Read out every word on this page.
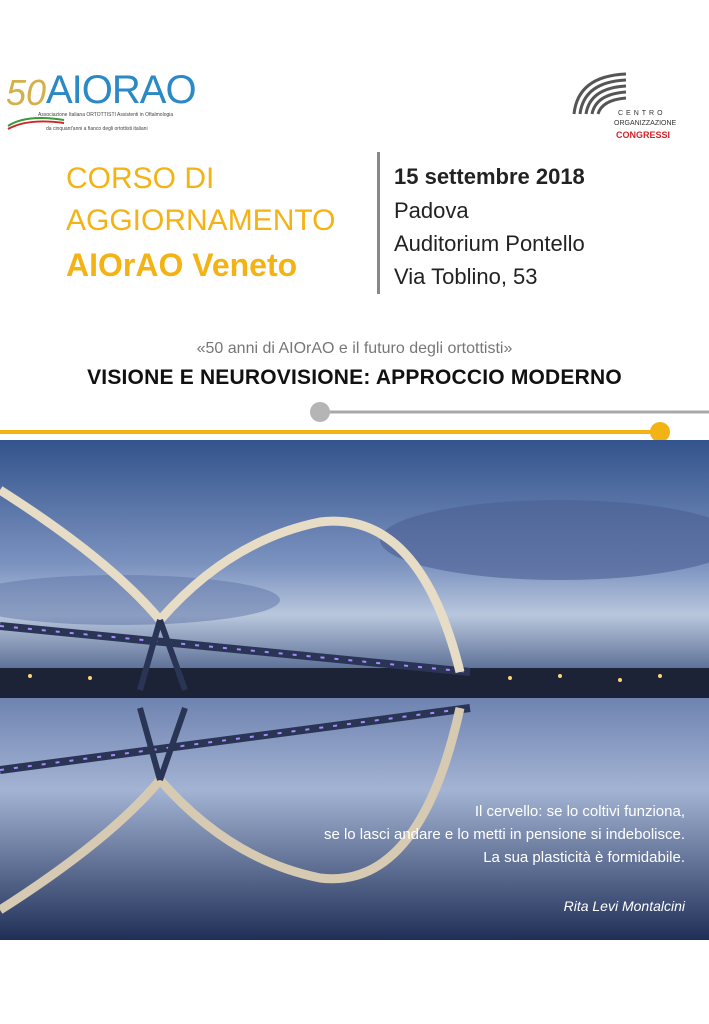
50 AIORAO
Associazione Italiana ORTOTTISTI Assistenti in Oftalmologia
da cinquant'anni a fianco degli ortottisti italiani
CENTRO
ORGANIZZAZIONE
CONGRESSI
CORSO DI
AGGIORNAMENTO
AIOrAO Veneto
15 settembre 2018
Padova
Auditorium Pontello
Via Toblino, 53
«50 anni di AIOrAO e il futuro degli ortottisti»
VISIONE E NEUROVISIONE: APPROCCIO MODERNO
Il cervello: se lo coltivi funziona,
se lo lasci andare e lo metti in pensione si indebolisce.
La sua plasticità è formidabile.
Rita Levi Montalcini
